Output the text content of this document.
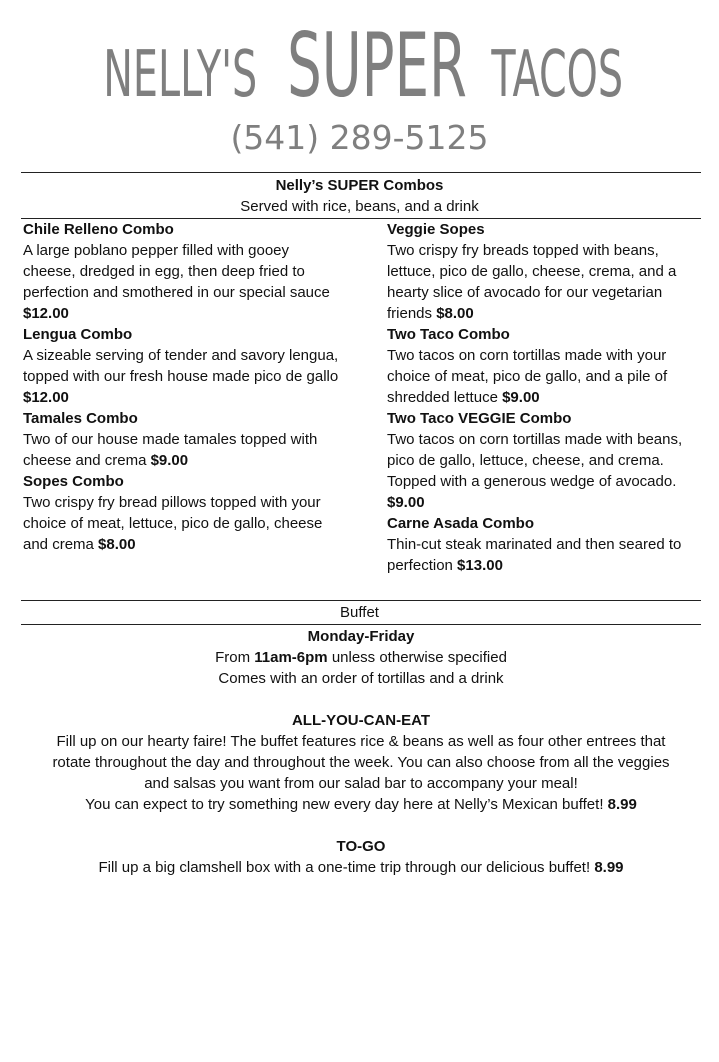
NELLY'S SUPER TACOS
(541) 289-5125
Nelly’s SUPER Combos
Served with rice, beans, and a drink
Chile Relleno Combo
A large poblano pepper filled with gooey cheese, dredged in egg, then deep fried to perfection and smothered in our special sauce $12.00
Lengua Combo
A sizeable serving of tender and savory lengua, topped with our fresh house made pico de gallo $12.00
Tamales Combo
Two of our house made tamales topped with cheese and crema $9.00
Sopes Combo
Two crispy fry bread pillows topped with your choice of meat, lettuce, pico de gallo, cheese and crema $8.00
Veggie Sopes
Two crispy fry breads topped with beans, lettuce, pico de gallo, cheese, crema, and a hearty slice of avocado for our vegetarian friends $8.00
Two Taco Combo
Two tacos on corn tortillas made with your choice of meat, pico de gallo, and a pile of shredded lettuce $9.00
Two Taco VEGGIE Combo
Two tacos on corn tortillas made with beans, pico de gallo, lettuce, cheese, and crema. Topped with a generous wedge of avocado. $9.00
Carne Asada Combo
Thin-cut steak marinated and then seared to perfection $13.00
Buffet
Monday-Friday
From 11am-6pm unless otherwise specified
Comes with an order of tortillas and a drink
ALL-YOU-CAN-EAT
Fill up on our hearty faire! The buffet features rice & beans as well as four other entrees that
rotate throughout the day and throughout the week. You can also choose from all the veggies
and salsas you want from our salad bar to accompany your meal!
You can expect to try something new every day here at Nelly’s Mexican buffet! 8.99
TO-GO
Fill up a big clamshell box with a one-time trip through our delicious buffet! 8.99
